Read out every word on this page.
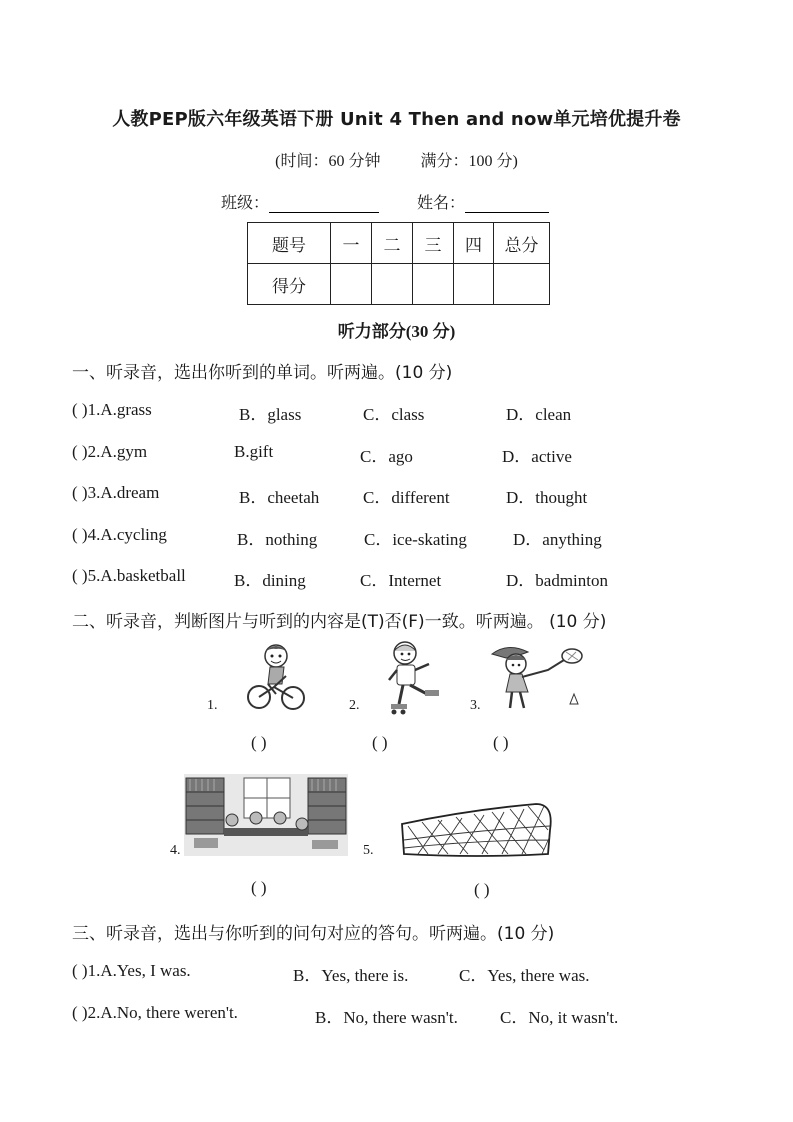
人教PEP版六年级英语下册 Unit 4 Then and now单元培优提升卷
(时间：60 分钟	满分：100 分)
班级：	姓名：
题号	一	二	三	四	总分
得分					
听力部分(30 分)
一、听录音，选出你听到的单词。听两遍。(10 分)
( )1.A.grass	B．glass	C．class	D．clean
( )2.A.gym	B.gift	C．ago	D．active
( )3.A.dream	B．cheetah	C．different	D．thought
( )4.A.cycling	B．nothing	C．ice-skating	D．anything
( )5.A.basketball	B．dining	C．Internet	D．badminton
二、听录音，判断图片与听到的内容是(T)否(F)一致。听两遍。 (10 分)
1.
( )
2.
( )
3.
( )
4.
( )
5.
( )
三、听录音，选出与你听到的问句对应的答句。听两遍。(10 分)
( )1.A.Yes, I was.	B．Yes, there is.	C．Yes, there was.
( )2.A.No, there weren't.	B．No, there wasn't. C．No, it wasn't.
